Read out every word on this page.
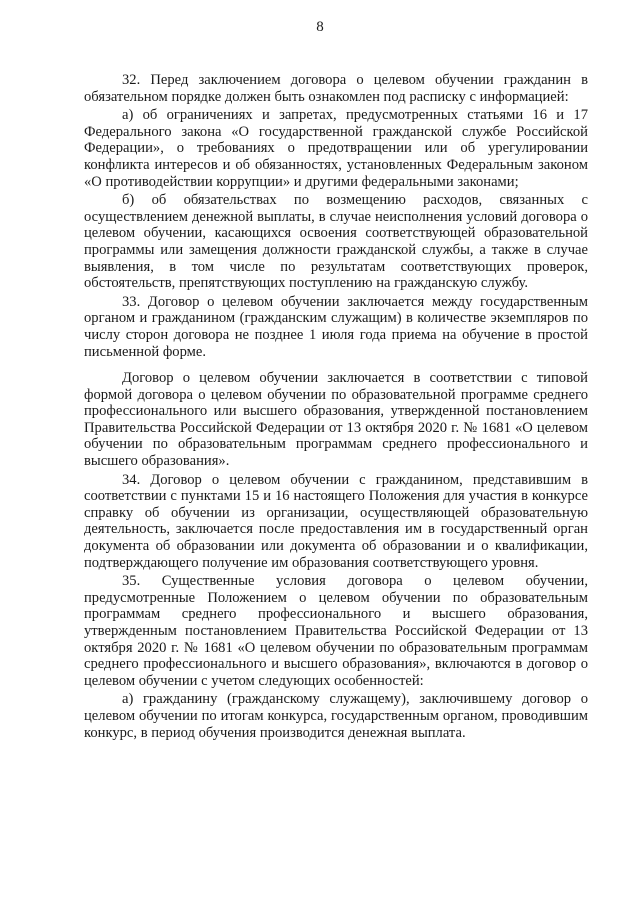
8

32. Перед заключением договора о целевом обучении гражданин в обязательном порядке должен быть ознакомлен под расписку с информацией:

а) об ограничениях и запретах, предусмотренных статьями 16 и 17 Федерального закона «О государственной гражданской службе Российской Федерации», о требованиях о предотвращении или об урегулировании конфликта интересов и об обязанностях, установленных Федеральным законом «О противодействии коррупции» и другими федеральными законами;

б) об обязательствах по возмещению расходов, связанных с осуществлением денежной выплаты, в случае неисполнения условий договора о целевом обучении, касающихся освоения соответствующей образовательной программы или замещения должности гражданской службы, а также в случае выявления, в том числе по результатам соответствующих проверок, обстоятельств, препятствующих поступлению на гражданскую службу.

33. Договор о целевом обучении заключается между государственным органом и гражданином (гражданским служащим) в количестве экземпляров по числу сторон договора не позднее 1 июля года приема на обучение в простой письменной форме.

Договор о целевом обучении заключается в соответствии с типовой формой договора о целевом обучении по образовательной программе среднего профессионального или высшего образования, утвержденной постановлением Правительства Российской Федерации от 13 октября 2020 г. № 1681 «О целевом обучении по образовательным программам среднего профессионального и высшего образования».

34. Договор о целевом обучении с гражданином, представившим в соответствии с пунктами 15 и 16 настоящего Положения для участия в конкурсе справку об обучении из организации, осуществляющей образовательную деятельность, заключается после предоставления им в государственный орган документа об образовании или документа об образовании и о квалификации, подтверждающего получение им образования соответствующего уровня.

35. Существенные условия договора о целевом обучении, предусмотренные Положением о целевом обучении по образовательным программам среднего профессионального и высшего образования, утвержденным постановлением Правительства Российской Федерации от 13 октября 2020 г. № 1681 «О целевом обучении по образовательным программам среднего профессионального и высшего образования», включаются в договор о целевом обучении с учетом следующих особенностей:

а) гражданину (гражданскому служащему), заключившему договор о целевом обучении по итогам конкурса, государственным органом, проводившим конкурс, в период обучения производится денежная выплата.
